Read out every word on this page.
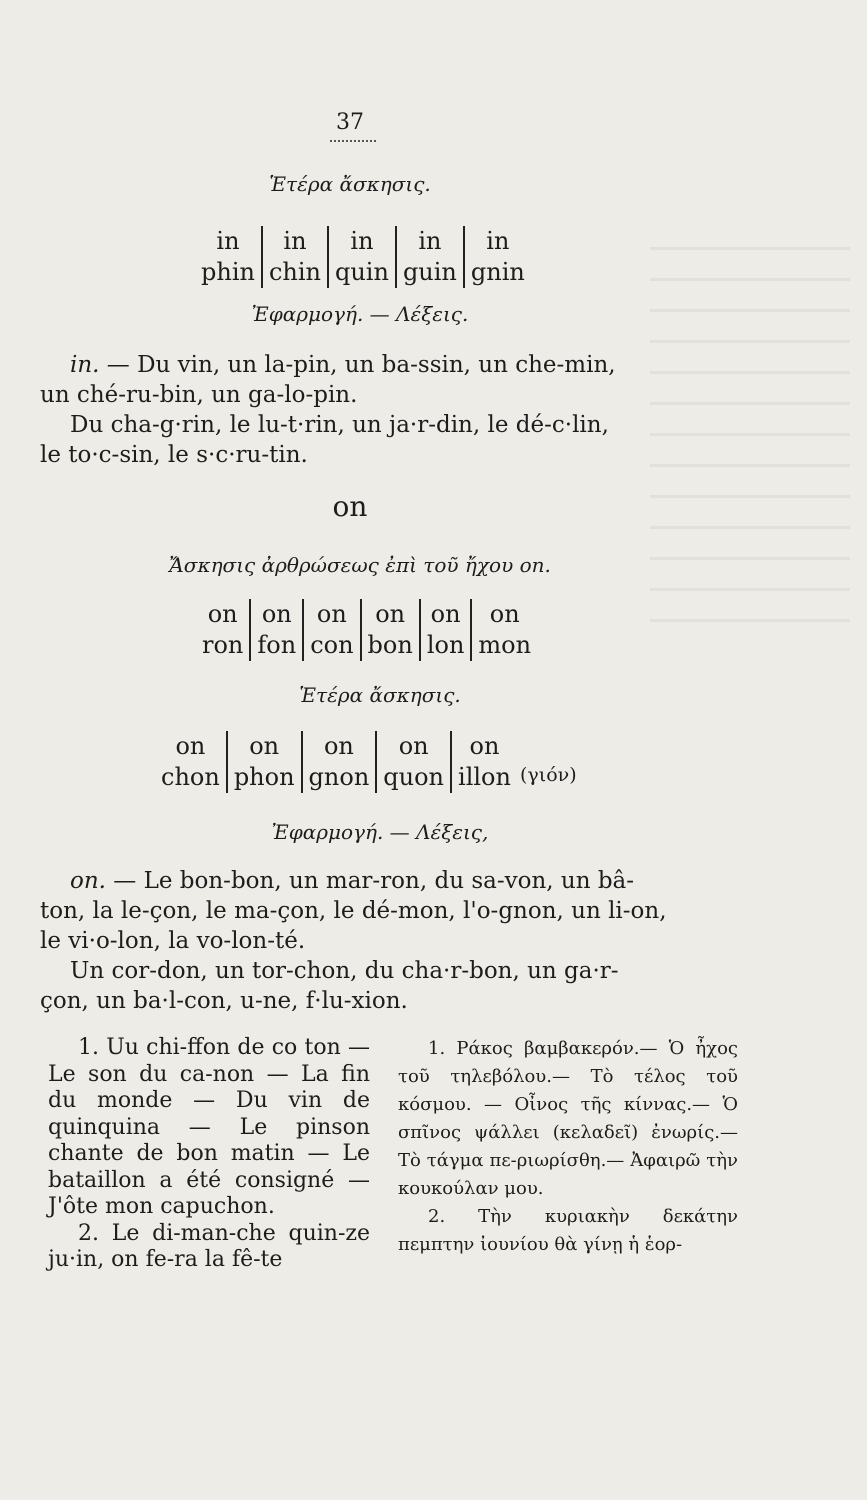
37
Ἑτέρα ἄσκησις.
in	in	in	in	in
phin	chin	quin	guin	gnin
Ἐφαρμογή. — Λέξεις.

in. — Du vin, un la-pin, un ba-ssin, un che-min,

un ché-ru-bin, un ga-lo-pin.

Du cha-g·rin, le lu-t·rin, un ja·r-din, le dé-c·lin,

le to·c-sin, le s·c·ru-tin.

on
Ἄσκησις ἀρθρώσεως ἐπὶ τοῦ ἤχου on.
on	on	on	on	on	on
ron	fon	con	bon	lon	mon
Ἑτέρα ἄσκησις.
on	on	on	on	on
chon	phon	gnon	quon	illon (γιόν)
Ἐφαρμογή. — Λέξεις,

on. — Le bon-bon, un mar-ron, du sa-von, un bâ-

ton, la le-çon, le ma-çon, le dé-mon, l'o-gnon, un li-on,

le vi·o-lon, la vo-lon-té.

Un cor-don, un tor-chon, du cha·r-bon, un ga·r-

çon, un ba·l-con, u-ne, f·lu-xion.

1. Uu chi-ffon de co ton — Le son du ca-non — La fin du monde — Du vin de quinquina — Le pinson chante de bon matin — Le bataillon a été consigné — J'ôte mon capuchon.

2. Le di-man-che quin-ze ju·in, on fe-ra la fê-te

1. Ράκος βαμβακερόν.— Ὁ ἦχος τοῦ τηλεβόλου.— Τὸ τέλος τοῦ κόσμου. — Οἶνος τῆς κίννας.— Ὁ σπῖνος ψάλλει (κελαδεῖ) ἐνωρίς.— Τὸ τάγμα πε-ριωρίσθη.— Ἀφαιρῶ τὴν κουκούλαν μου.

2. Τὴν κυριακὴν δεκάτην πεμπτην ἰουνίου θὰ γίνῃ ἡ ἑορ-
